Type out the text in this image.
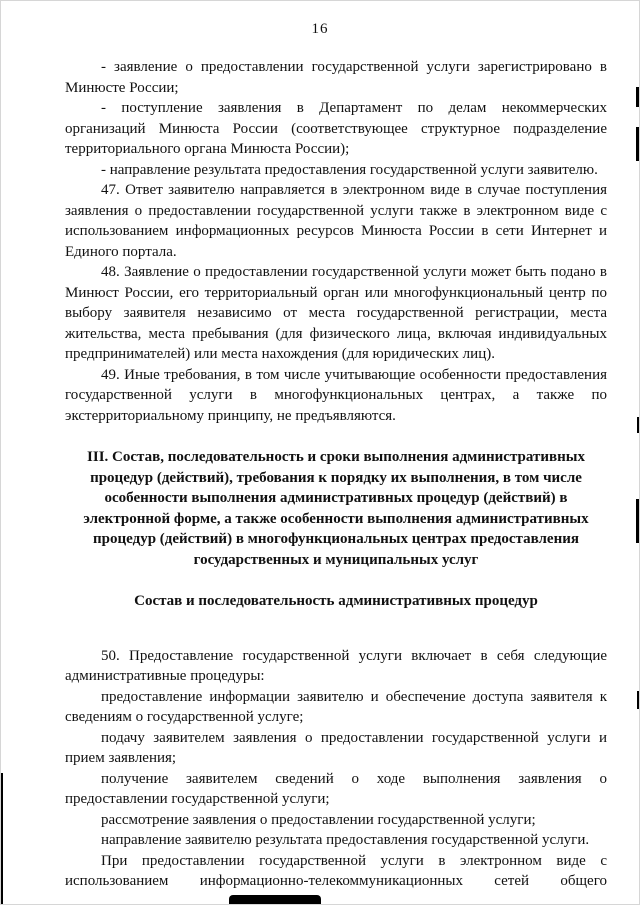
16

- заявление о предоставлении государственной услуги зарегистрировано в Минюсте России;

- поступление заявления в Департамент по делам некоммерческих организаций Минюста России (соответствующее структурное подразделение территориального органа Минюста России);

- направление результата предоставления государственной услуги заявителю.

47. Ответ заявителю направляется в электронном виде в случае поступления заявления о предоставлении государственной услуги также в электронном виде с использованием информационных ресурсов Минюста России в сети Интернет и Единого портала.

48. Заявление о предоставлении государственной услуги может быть подано в Минюст России, его территориальный орган или многофункциональный центр по выбору заявителя независимо от места государственной регистрации, места жительства, места пребывания (для физического лица, включая индивидуальных предпринимателей) или места нахождения (для юридических лиц).

49. Иные требования, в том числе учитывающие особенности предоставления государственной услуги в многофункциональных центрах, а также по экстерриториальному принципу, не предъявляются.

III. Состав, последовательность и сроки выполнения административных процедур (действий), требования к порядку их выполнения, в том числе особенности выполнения административных процедур (действий) в электронной форме, а также особенности выполнения административных процедур (действий) в многофункциональных центрах предоставления государственных и муниципальных услуг
Состав и последовательность административных процедур

50. Предоставление государственной услуги включает в себя следующие административные процедуры:

предоставление информации заявителю и обеспечение доступа заявителя к сведениям о государственной услуге;

подачу заявителем заявления о предоставлении государственной услуги и прием заявления;

получение заявителем сведений о ходе выполнения заявления о предоставлении государственной услуги;

рассмотрение заявления о предоставлении государственной услуги;

направление заявителю результата предоставления государственной услуги.

При предоставлении государственной услуги в электронном виде с использованием информационно-телекоммуникационных сетей общего
